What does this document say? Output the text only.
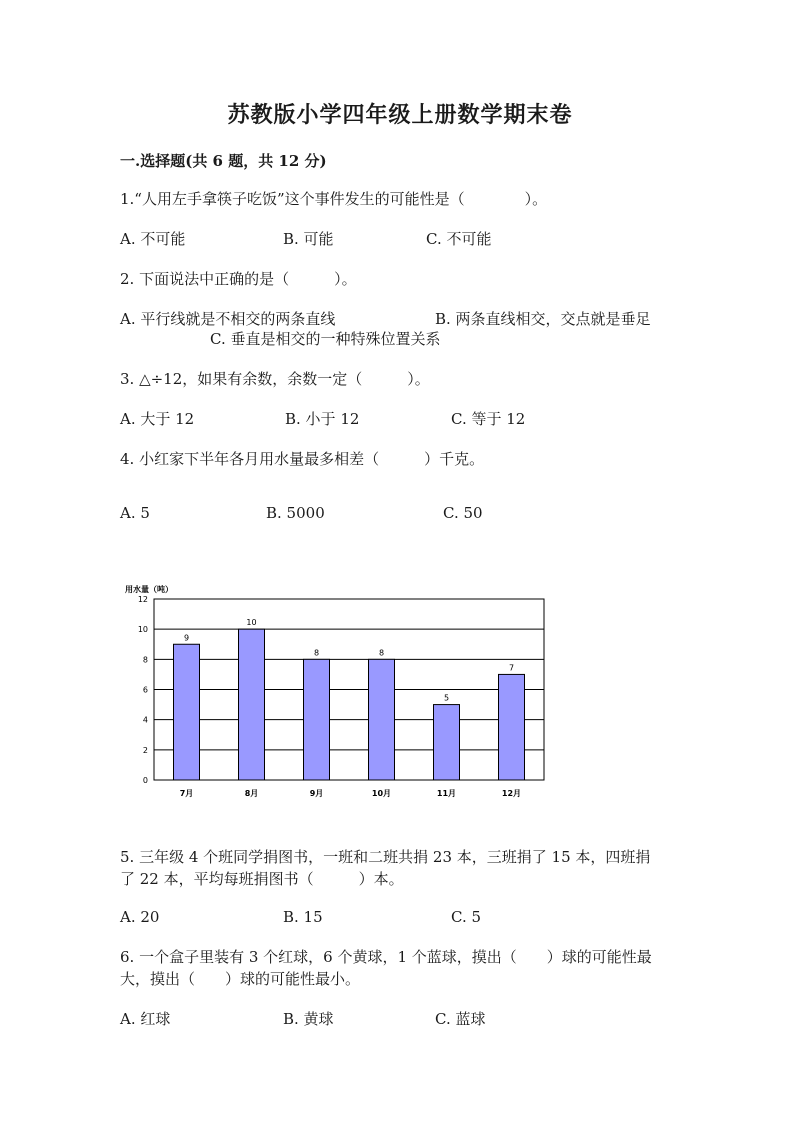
苏教版小学四年级上册数学期末卷
一.选择题(共 6 题，共 12 分)
1.“人用左手拿筷子吃饭”这个事件发生的可能性是（　　　　）。
A. 不可能	B. 可能	C. 不可能
2. 下面说法中正确的是（　　　）。
A. 平行线就是不相交的两条直线	B. 两条直线相交，交点就是垂足
C. 垂直是相交的一种特殊位置关系
3. △÷12，如果有余数，余数一定（　　　）。
A. 大于 12	B. 小于 12	C. 等于 12
4. 小红家下半年各月用水量最多相差（　　　）千克。
A. 5	B. 5000	C. 50
用水量（吨）
0
2
4
6
8
10
12
9
7月
10
8月
8
9月
8
10月
5
11月
7
12月
5. 三年级 4 个班同学捐图书，一班和二班共捐 23 本，三班捐了 15 本，四班捐
了 22 本，平均每班捐图书（　　　）本。
A. 20	B. 15	C. 5
6. 一个盒子里装有 3 个红球，6 个黄球，1 个蓝球，摸出（　　）球的可能性最
大，摸出（　　）球的可能性最小。
A. 红球	B. 黄球	C. 蓝球
